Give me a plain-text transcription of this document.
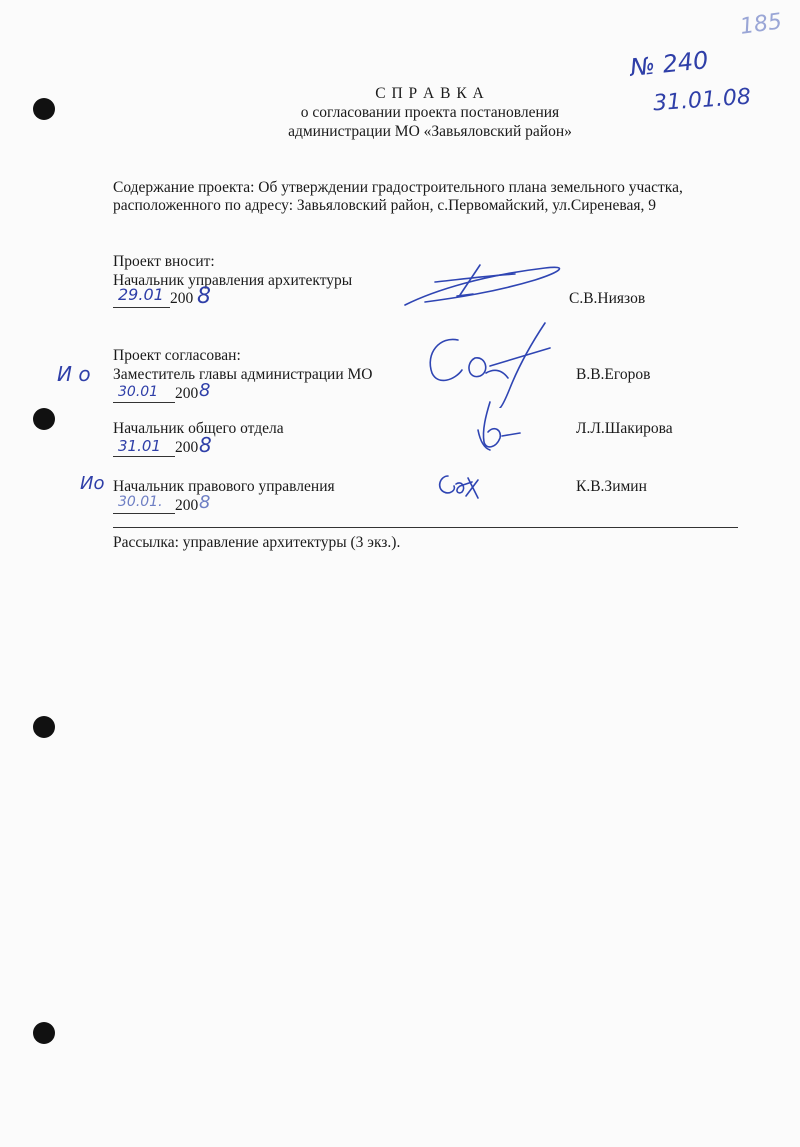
185
№ 240
31.01.08
С П Р А В К А
о согласовании проекта постановления
администрации МО «Завьяловский район»
Содержание проекта: Об утверждении градостроительного плана земельного участка,
расположенного по адресу: Завьяловский район, с.Первомайский, ул.Сиреневая, 9
Проект вносит:
Начальник управления архитектуры
29.01 200 8	С.В.Ниязов
Проект согласован:
И о Заместитель главы администрации МО
30.01 200 8
В.В.Егоров
Начальник общего отдела
31.01 200 8
Л.Л.Шакирова
Ио Начальник правового управления
30.01. 200 8
К.В.Зимин
Рассылка: управление архитектуры (3 экз.).
